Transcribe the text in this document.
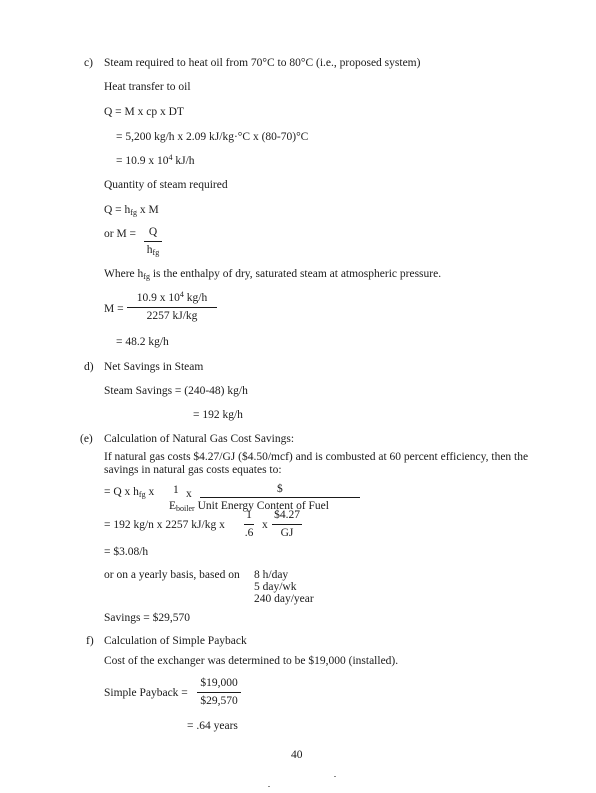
c) Steam required to heat oil from 70°C to 80°C (i.e., proposed system)
Heat transfer to oil
Q = M x cp x DT
= 5,200 kg/h x 2.09 kJ/kg·°C x (80-70)°C
= 10.9 x $10^4$ kJ/h
Quantity of steam required
$Q = h_{fg}$ x M
or M =	Q
$h_{fg}$
Where $h_{fg}$ is the enthalpy of dry, saturated steam at atmospheric pressure.
$M = \frac{10.9 x 10^4 kg/h}{2257 kJ/kg}$
= 48.2 kg/h
d) Net Savings in Steam
Steam Savings = (240-48) kg/h
= 192 kg/h
(e) Calculation of Natural Gas Cost Savings:
If natural gas costs $4.27/GJ ($4.50/mcf) and is combusted at 60 percent efficiency, then the
savings in natural gas costs equates to:
= Q x $h_{fg}$ x 1 x	$
$E_{boiler}$ Unit Energy Content of Fuel
= 192 kg/n x 2257 kJ/kg x $\frac{1}{.6}$ x $\frac{\$4.27}{GJ}$
= $3.08/h
or on a yearly basis, based on 8 h/day
5 day/wk
240 day/year
Savings = $29,570
f) Calculation of Simple Payback
Cost of the exchanger was determined to be $19,000 (installed).
Simple Payback = $\frac{\$19,000}{\$29,570}$
= .64 years
40
